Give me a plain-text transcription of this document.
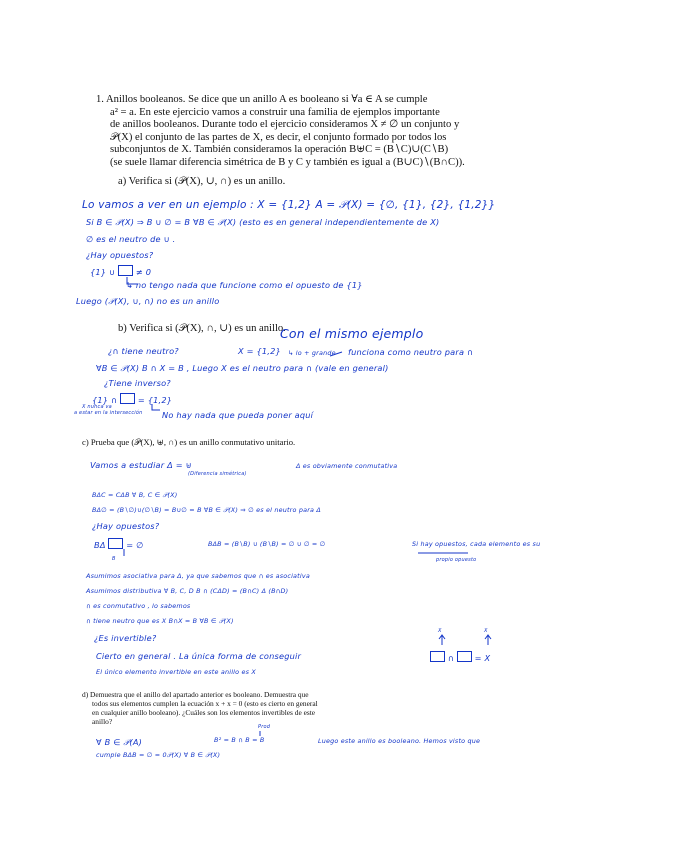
1. Anillos booleanos. Se dice que un anillo A es booleano si ∀a ∈ A se cumple
a² = a. En este ejercicio vamos a construir una familia de ejemplos importante
de anillos booleanos. Durante todo el ejercicio consideramos X ≠ ∅ un conjunto y
𝒫(X) el conjunto de las partes de X, es decir, el conjunto formado por todos los
subconjuntos de X. También consideramos la operación B⊎C = (B∖C)∪(C∖B)
(se suele llamar diferencia simétrica de B y C y también es igual a (B∪C)∖(B∩C)).
a) Verifica si (𝒫(X), ∪, ∩) es un anillo.
Lo vamos a ver en un ejemplo : X = {1,2} A = 𝒫(X) = {∅, {1}, {2}, {1,2}}
Si B ∈ 𝒫(X) ⇒ B ∪ ∅ = B ∀B ∈ 𝒫(X) (esto es en general independientemente de X)
∅ es el neutro de ∪ .
¿Hay opuestos?
{1} ∪	≠ 0
↳ no tengo nada que funcione como el opuesto de {1}
Luego (𝒫(X), ∪, ∩) no es un anillo
b) Verifica si (𝒫(X), ∩, ∪) es un anillo.
Con el mismo ejemplo
¿∩ tiene neutro?	X = {1,2} ↳ lo + grande funciona como neutro para ∩
∀B ∈ 𝒫(X) B ∩ X = B , Luego X es el neutro para ∩ (vale en general)
¿Tiene inverso?
{1} ∩	= {1,2}
X nunca va
a estar en la intersección No hay nada que pueda poner aquí
c) Prueba que (𝒫(X), ⊎, ∩) es un anillo conmutativo unitario.
Vamos a estudiar Δ = ⊎
(Diferencia simétrica)
Δ es obviamente conmutativa
BΔC = CΔB ∀ B, C ∈ 𝒫(X)
BΔ∅ = (B∖∅)∪(∅∖B) = B∪∅ = B ∀B ∈ 𝒫(X) ⇒ ∅ es el neutro para Δ
¿Hay opuestos?
BΔ	= ∅
B
BΔB = (B∖B) ∪ (B∖B) = ∅ ∪ ∅ = ∅	Si hay opuestos, cada elemento es su
propio opuesto
Asumimos asociativa para Δ, ya que sabemos que ∩ es asociativa
Asumimos distributiva ∀ B, C, D B ∩ (CΔD) = (B∩C) Δ (B∩D)
∩ es conmutativo , lo sabemos
∩ tiene neutro que es X B∩X = B ∀B ∈ 𝒫(X)
¿Es invertible?
Cierto en general . La única forma de conseguir	∩	= X
X	X
El único elemento invertible en este anillo es X
d) Demuestra que el anillo del apartado anterior es booleano. Demuestra que
todos sus elementos cumplen la ecuación x + x = 0 (esto es cierto en general
en cualquier anillo booleano). ¿Cuáles son los elementos invertibles de este
anillo?
∀ B ∈ 𝒫(A)	B² = B ∩ B = B
Prod
Luego este anillo es booleano. Hemos visto que
cumple BΔB = ∅ = 0𝒫(X) ∀ B ∈ 𝒫(X)
